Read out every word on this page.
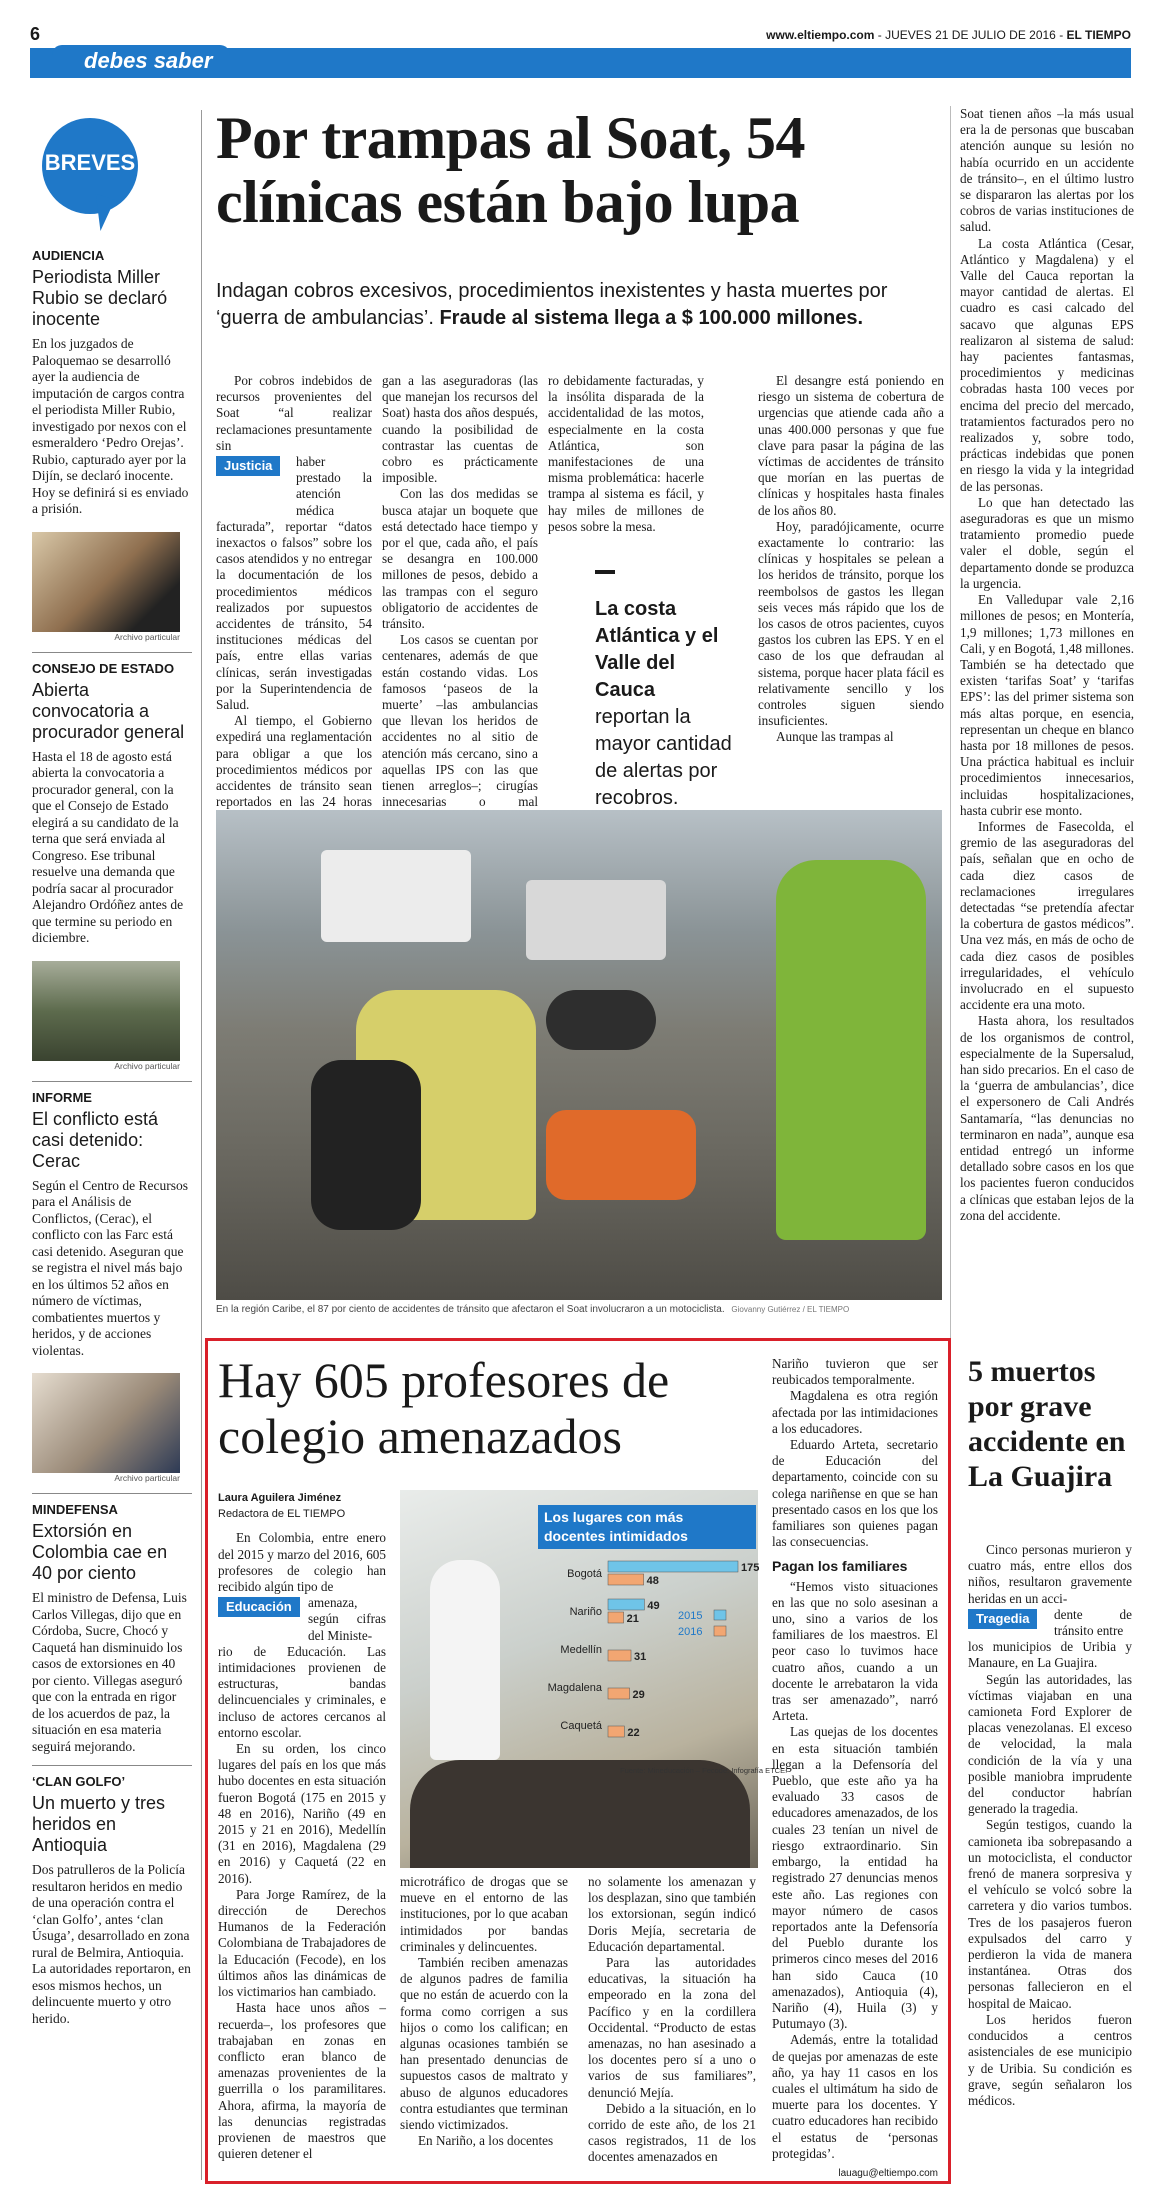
6	www.eltiempo.com - JUEVES 21 DE JULIO DE 2016 - EL TIEMPO
debes saber
BREVES

AUDIENCIA

Periodista Miller Rubio se declaró inocente

En los juzgados de Paloquemao se desarrolló ayer la audiencia de imputación de cargos contra el periodista Miller Rubio, investigado por nexos con el esmeraldero ‘Pedro Orejas’. Rubio, capturado ayer por la Dijín, se declaró inocente. Hoy se definirá si es enviado a prisión.

Archivo particular

CONSEJO DE ESTADO

Abierta convocatoria a procurador general

Hasta el 18 de agosto está abierta la convocatoria a procurador general, con la que el Consejo de Estado elegirá a su candidato de la terna que será enviada al Congreso. Ese tribunal resuelve una demanda que podría sacar al procurador Alejandro Ordóñez antes de que termine su periodo en diciembre.

Archivo particular

INFORME

El conflicto está casi detenido: Cerac

Según el Centro de Recursos para el Análisis de Conflictos, (Cerac), el conflicto con las Farc está casi detenido. Aseguran que se registra el nivel más bajo en los últimos 52 años en número de víctimas, combatientes muertos y heridos, y de acciones violentas.

Archivo particular

MINDEFENSA

Extorsión en Colombia cae en 40 por ciento

El ministro de Defensa, Luis Carlos Villegas, dijo que en Córdoba, Sucre, Chocó y Caquetá han disminuido los casos de extorsiones en 40 por ciento. Villegas aseguró que con la entrada en rigor de los acuerdos de paz, la situación en esa materia seguirá mejorando.

‘CLAN GOLFO’

Un muerto y tres heridos en Antioquia

Dos patrulleros de la Policía resultaron heridos en medio de una operación contra el ‘clan Golfo’, antes ‘clan Úsuga’, desarrollado en zona rural de Belmira, Antioquia. La autoridades reportaron, en esos mismos hechos, un delincuente muerto y otro herido.

Por trampas al Soat, 54 clínicas están bajo lupa
Indagan cobros excesivos, procedimientos inexistentes y hasta muertes por ‘guerra de ambulancias’. Fraude al sistema llega a $ 100.000 millones.

Por cobros indebidos de recursos provenientes del Soat “al realizar reclamaciones presuntamente sin

Justicia	haber prestado la atención médica

facturada”, reportar “datos inexactos o falsos” sobre los casos atendidos y no entregar la documentación de los procedimientos médicos realizados por supuestos accidentes de tránsito, 54 instituciones médicas del país, entre ellas varias clínicas, serán investigadas por la Superintendencia de Salud.

Al tiempo, el Gobierno expedirá una reglamentación para obligar a que los procedimientos médicos por accidentes de tránsito sean reportados en las 24 horas

gan a las aseguradoras (las que manejan los recursos del Soat) hasta dos años después, cuando la posibilidad de contrastar las cuentas de cobro es prácticamente imposible.

Con las dos medidas se busca atajar un boquete que está detectado hace tiempo y por el que, cada año, el país se desangra en 100.000 millones de pesos, debido a las trampas con el seguro obligatorio de accidentes de tránsito.

Los casos se cuentan por centenares, además de que están costando vidas. Los famosos ‘paseos de la muerte’ –las ambulancias que llevan los heridos de accidentes no al sitio de atención más cercano, sino a aquellas IPS con las que tienen arreglos–; cirugías innecesarias o mal

ro debidamente facturadas, y la insólita disparada de la accidentalidad de las motos, especialmente en la costa Atlántica, son manifestaciones de una misma problemática: hacerle trampa al sistema es fácil, y hay miles de millones de pesos sobre la mesa.

La costa Atlántica y el Valle del Cauca reportan la mayor cantidad de alertas por recobros.

El desangre está poniendo en riesgo un sistema de cobertura de urgencias que atiende cada año a unas 400.000 personas y que fue clave para pasar la página de las víctimas de accidentes de tránsito que morían en las puertas de clínicas y hospitales hasta finales de los años 80.

Hoy, paradójicamente, ocurre exactamente lo contrario: las clínicas y hospitales se pelean a los heridos de tránsito, porque los reembolsos de gastos les llegan seis veces más rápido que los de los casos de otros pacientes, cuyos gastos los cubren las EPS. Y en el caso de los que defraudan al sistema, porque hacer plata fácil es relativamente sencillo y los controles siguen siendo insuficientes.

Aunque las trampas al

Soat tienen años –la más usual era la de personas que buscaban atención aunque su lesión no había ocurrido en un accidente de tránsito–, en el último lustro se dispararon las alertas por los cobros de varias instituciones de salud.

La costa Atlántica (Cesar, Atlántico y Magdalena) y el Valle del Cauca reportan la mayor cantidad de alertas. El cuadro es casi calcado del sacavo que algunas EPS realizaron al sistema de salud: hay pacientes fantasmas, procedimientos y medicinas cobradas hasta 100 veces por encima del precio del mercado, tratamientos facturados pero no realizados y, sobre todo, prácticas indebidas que ponen en riesgo la vida y la integridad de las personas.

Lo que han detectado las aseguradoras es que un mismo tratamiento promedio puede valer el doble, según el departamento donde se produzca la urgencia.

En Valledupar vale 2,16 millones de pesos; en Montería, 1,9 millones; 1,73 millones en Cali, y en Bogotá, 1,48 millones. También se ha detectado que existen ‘tarifas Soat’ y ‘tarifas EPS’: las del primer sistema son más altas porque, en esencia, representan un cheque en blanco hasta por 18 millones de pesos. Una práctica habitual es incluir procedimientos innecesarios, incluidas hospitalizaciones, hasta cubrir ese monto.

Informes de Fasecolda, el gremio de las aseguradoras del país, señalan que en ocho de cada diez casos de reclamaciones irregulares detectadas “se pretendía afectar la cobertura de gastos médicos”. Una vez más, en más de ocho de cada diez casos de posibles irregularidades, el vehículo involucrado en el supuesto accidente era una moto.

Hasta ahora, los resultados de los organismos de control, especialmente de la Supersalud, han sido precarios. En el caso de la ‘guerra de ambulancias’, dice el expersonero de Cali Andrés Santamaría, “las denuncias no terminaron en nada”, aunque esa entidad entregó un informe detallado sobre casos en los que los pacientes fueron conducidos a clínicas que estaban lejos de la zona del accidente.

En la región Caribe, el 87 por ciento de accidentes de tránsito que afectaron el Soat involucraron a un motociclista. Giovanny Gutiérrez / EL TIEMPO
Hay 605 profesores de colegio amenazados
Laura Aguilera Jiménez
Redactora de EL TIEMPO

En Colombia, entre enero del 2015 y marzo del 2016, 605 profesores de colegio han recibido algún tipo de

Educación	amenaza, según cifras del Ministe-

rio de Educación. Las intimidaciones provienen de estructuras, bandas delincuenciales y criminales, e incluso de actores cercanos al entorno escolar.

En su orden, los cinco lugares del país en los que más hubo docentes en esta situación fueron Bogotá (175 en 2015 y 48 en 2016), Nariño (49 en 2015 y 21 en 2016), Medellín (31 en 2016), Magdalena (29 en 2016) y Caquetá (22 en 2016).

Para Jorge Ramírez, de la dirección de Derechos Humanos de la Federación Colombiana de Trabajadores de la Educación (Fecode), en los últimos años las dinámicas de los victimarios han cambiado.

Hasta hace unos años –recuerda–, los profesores que trabajaban en zonas en conflicto eran blanco de amenazas provenientes de la guerrilla o los paramilitares. Ahora, afirma, la mayoría de las denuncias registradas provienen de maestros que quieren detener el

Los lugares con más
docentes intimidados
Bogotá	175
48
Nariño	49
21
Medellín
31
Magdalena
29
Caquetá
22
2015
2016
Fuente: Mineducación – Fecode. Infografía ETCE.

microtráfico de drogas que se mueve en el entorno de las instituciones, por lo que acaban intimidados por bandas criminales y delincuentes.

También reciben amenazas de algunos padres de familia que no están de acuerdo con la forma como corrigen a sus hijos o como los califican; en algunas ocasiones también se han presentado denuncias de supuestos casos de maltrato y abuso de algunos educadores contra estudiantes que terminan siendo victimizados.

En Nariño, a los docentes

no solamente los amenazan y los desplazan, sino que también los extorsionan, según indicó Doris Mejía, secretaria de Educación departamental.

Para las autoridades educativas, la situación ha empeorado en la zona del Pacífico y en la cordillera Occidental. “Producto de estas amenazas, no han asesinado a los docentes pero sí a uno o varios de sus familiares”, denunció Mejía.

Debido a la situación, en lo corrido de este año, de los 21 casos registrados, 11 de los docentes amenazados en

Nariño tuvieron que ser reubicados temporalmente.

Magdalena es otra región afectada por las intimidaciones a los educadores.

Eduardo Arteta, secretario de Educación del departamento, coincide con su colega nariñense en que se han presentado casos en los que los familiares son quienes pagan las consecuencias.

Pagan los familiares

“Hemos visto situaciones en las que no solo asesinan a uno, sino a varios de los familiares de los maestros. El peor caso lo tuvimos hace cuatro años, cuando a un docente le arrebataron la vida tras ser amenazado”, narró Arteta.

Las quejas de los docentes en esta situación también llegan a la Defensoría del Pueblo, que este año ya ha evaluado 33 casos de educadores amenazados, de los cuales 23 tenían un nivel de riesgo extraordinario. Sin embargo, la entidad ha registrado 27 denuncias menos este año. Las regiones con mayor número de casos reportados ante la Defensoría del Pueblo durante los primeros cinco meses del 2016 han sido Cauca (10 amenazados), Antioquia (4), Nariño (4), Huila (3) y Putumayo (3).

Además, entre la totalidad de quejas por amenazas de este año, ya hay 11 casos en los cuales el ultimátum ha sido de muerte para los docentes. Y cuatro educadores han recibido el estatus de ‘personas protegidas’.

lauagu@eltiempo.com
5 muertos por grave accidente en La Guajira

Cinco personas murieron y cuatro más, entre ellos dos niños, resultaron gravemente heridas en un acci-

Tragedia	dente de tránsito entre

los municipios de Uribia y Manaure, en La Guajira.

Según las autoridades, las víctimas viajaban en una camioneta Ford Explorer de placas venezolanas. El exceso de velocidad, la mala condición de la vía y una posible maniobra imprudente del conductor habrían generado la tragedia.

Según testigos, cuando la camioneta iba sobrepasando a un motociclista, el conductor frenó de manera sorpresiva y el vehículo se volcó sobre la carretera y dio varios tumbos. Tres de los pasajeros fueron expulsados del carro y perdieron la vida de manera instantánea. Otras dos personas fallecieron en el hospital de Maicao.

Los heridos fueron conducidos a centros asistenciales de ese municipio y de Uribia. Su condición es grave, según señalaron los médicos.
